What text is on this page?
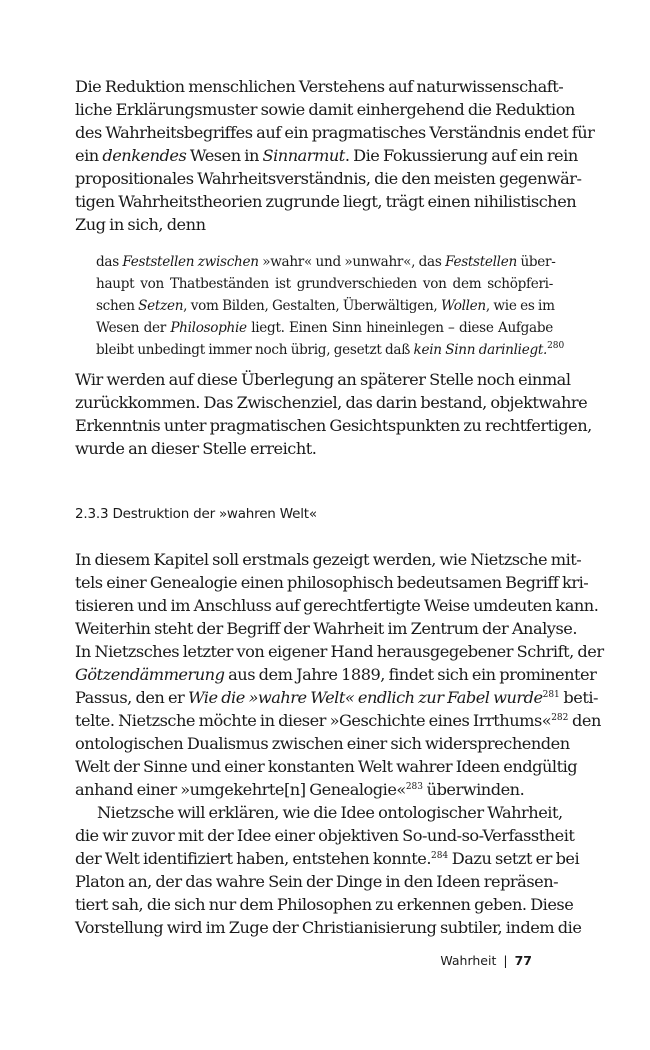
Die Reduktion menschlichen Verstehens auf naturwissenschaft-
liche Erklärungsmuster sowie damit einhergehend die Reduktion
des Wahrheitsbegriffes auf ein pragmatisches Verständnis endet für
ein denkendes Wesen in Sinnarmut. Die Fokussierung auf ein rein
propositionales Wahrheitsverständnis, die den meisten gegenwär-
tigen Wahrheitstheorien zugrunde liegt, trägt einen nihilistischen
Zug in sich, denn
das Feststellen zwischen »wahr« und »unwahr«, das Feststellen über-
haupt von Thatbeständen ist grundverschieden von dem schöpferi-
schen Setzen, vom Bilden, Gestalten, Überwältigen, Wollen, wie es im
Wesen der Philosophie liegt. Einen Sinn hineinlegen – diese Aufgabe
bleibt unbedingt immer noch übrig, gesetzt daß kein Sinn darinliegt.$^{280}$
Wir werden auf diese Überlegung an späterer Stelle noch einmal
zurückkommen. Das Zwischenziel, das darin bestand, objektwahre
Erkenntnis unter pragmatischen Gesichtspunkten zu rechtfertigen,
wurde an dieser Stelle erreicht.
2.3.3 Destruktion der »wahren Welt«
In diesem Kapitel soll erstmals gezeigt werden, wie Nietzsche mit-
tels einer Genealogie einen philosophisch bedeutsamen Begriff kri-
tisieren und im Anschluss auf gerechtfertigte Weise umdeuten kann.
Weiterhin steht der Begriff der Wahrheit im Zentrum der Analyse.
In Nietzsches letzter von eigener Hand herausgegebener Schrift, der
Götzendämmerung aus dem Jahre 1889, findet sich ein prominenter
Passus, den er Wie die »wahre Welt« endlich zur Fabel wurde$^{281}$ beti-
telte. Nietzsche möchte in dieser »Geschichte eines Irrthums«$^{282}$ den
ontologischen Dualismus zwischen einer sich widersprechenden
Welt der Sinne und einer konstanten Welt wahrer Ideen endgültig
anhand einer »umgekehrte[n] Genealogie«$^{283}$ überwinden.
Nietzsche will erklären, wie die Idee ontologischer Wahrheit,
die wir zuvor mit der Idee einer objektiven So-und-so-Verfasstheit
der Welt identifiziert haben, entstehen konnte.$^{284}$ Dazu setzt er bei
Platon an, der das wahre Sein der Dinge in den Ideen repräsen-
tiert sah, die sich nur dem Philosophen zu erkennen geben. Diese
Vorstellung wird im Zuge der Christianisierung subtiler, indem die
Wahrheit | 77
